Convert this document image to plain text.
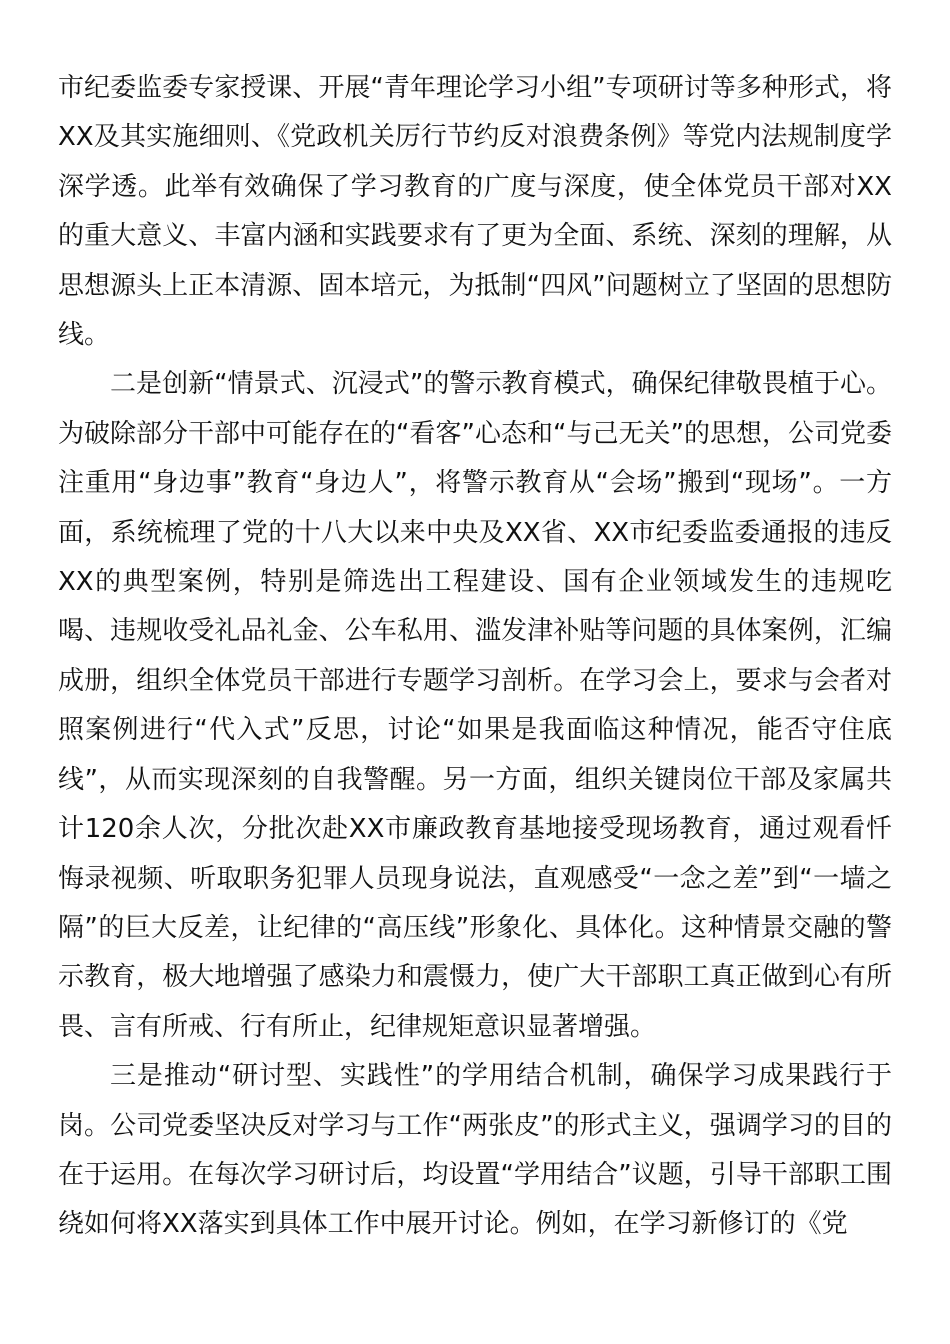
市纪委监委专家授课、开展“青年理论学习小组”专项研讨等多种形式，将XX及其实施细则、《党政机关厉行节约反对浪费条例》等党内法规制度学深学透。此举有效确保了学习教育的广度与深度，使全体党员干部对XX的重大意义、丰富内涵和实践要求有了更为全面、系统、深刻的理解，从思想源头上正本清源、固本培元，为抵制“四风”问题树立了坚固的思想防线。

二是创新“情景式、沉浸式”的警示教育模式，确保纪律敬畏植于心。为破除部分干部中可能存在的“看客”心态和“与己无关”的思想，公司党委注重用“身边事”教育“身边人”，将警示教育从“会场”搬到“现场”。一方面，系统梳理了党的十八大以来中央及XX省、XX市纪委监委通报的违反XX的典型案例，特别是筛选出工程建设、国有企业领域发生的违规吃喝、违规收受礼品礼金、公车私用、滥发津补贴等问题的具体案例，汇编成册，组织全体党员干部进行专题学习剖析。在学习会上，要求与会者对照案例进行“代入式”反思，讨论“如果是我面临这种情况，能否守住底线”，从而实现深刻的自我警醒。另一方面，组织关键岗位干部及家属共计120余人次，分批次赴XX市廉政教育基地接受现场教育，通过观看忏悔录视频、听取职务犯罪人员现身说法，直观感受“一念之差”到“一墙之隔”的巨大反差，让纪律的“高压线”形象化、具体化。这种情景交融的警示教育，极大地增强了感染力和震慑力，使广大干部职工真正做到心有所畏、言有所戒、行有所止，纪律规矩意识显著增强。

三是推动“研讨型、实践性”的学用结合机制，确保学习成果践行于岗。公司党委坚决反对学习与工作“两张皮”的形式主义，强调学习的目的在于运用。在每次学习研讨后，均设置“学用结合”议题，引导干部职工围绕如何将XX落实到具体工作中展开讨论。例如，在学习新修订的《党
